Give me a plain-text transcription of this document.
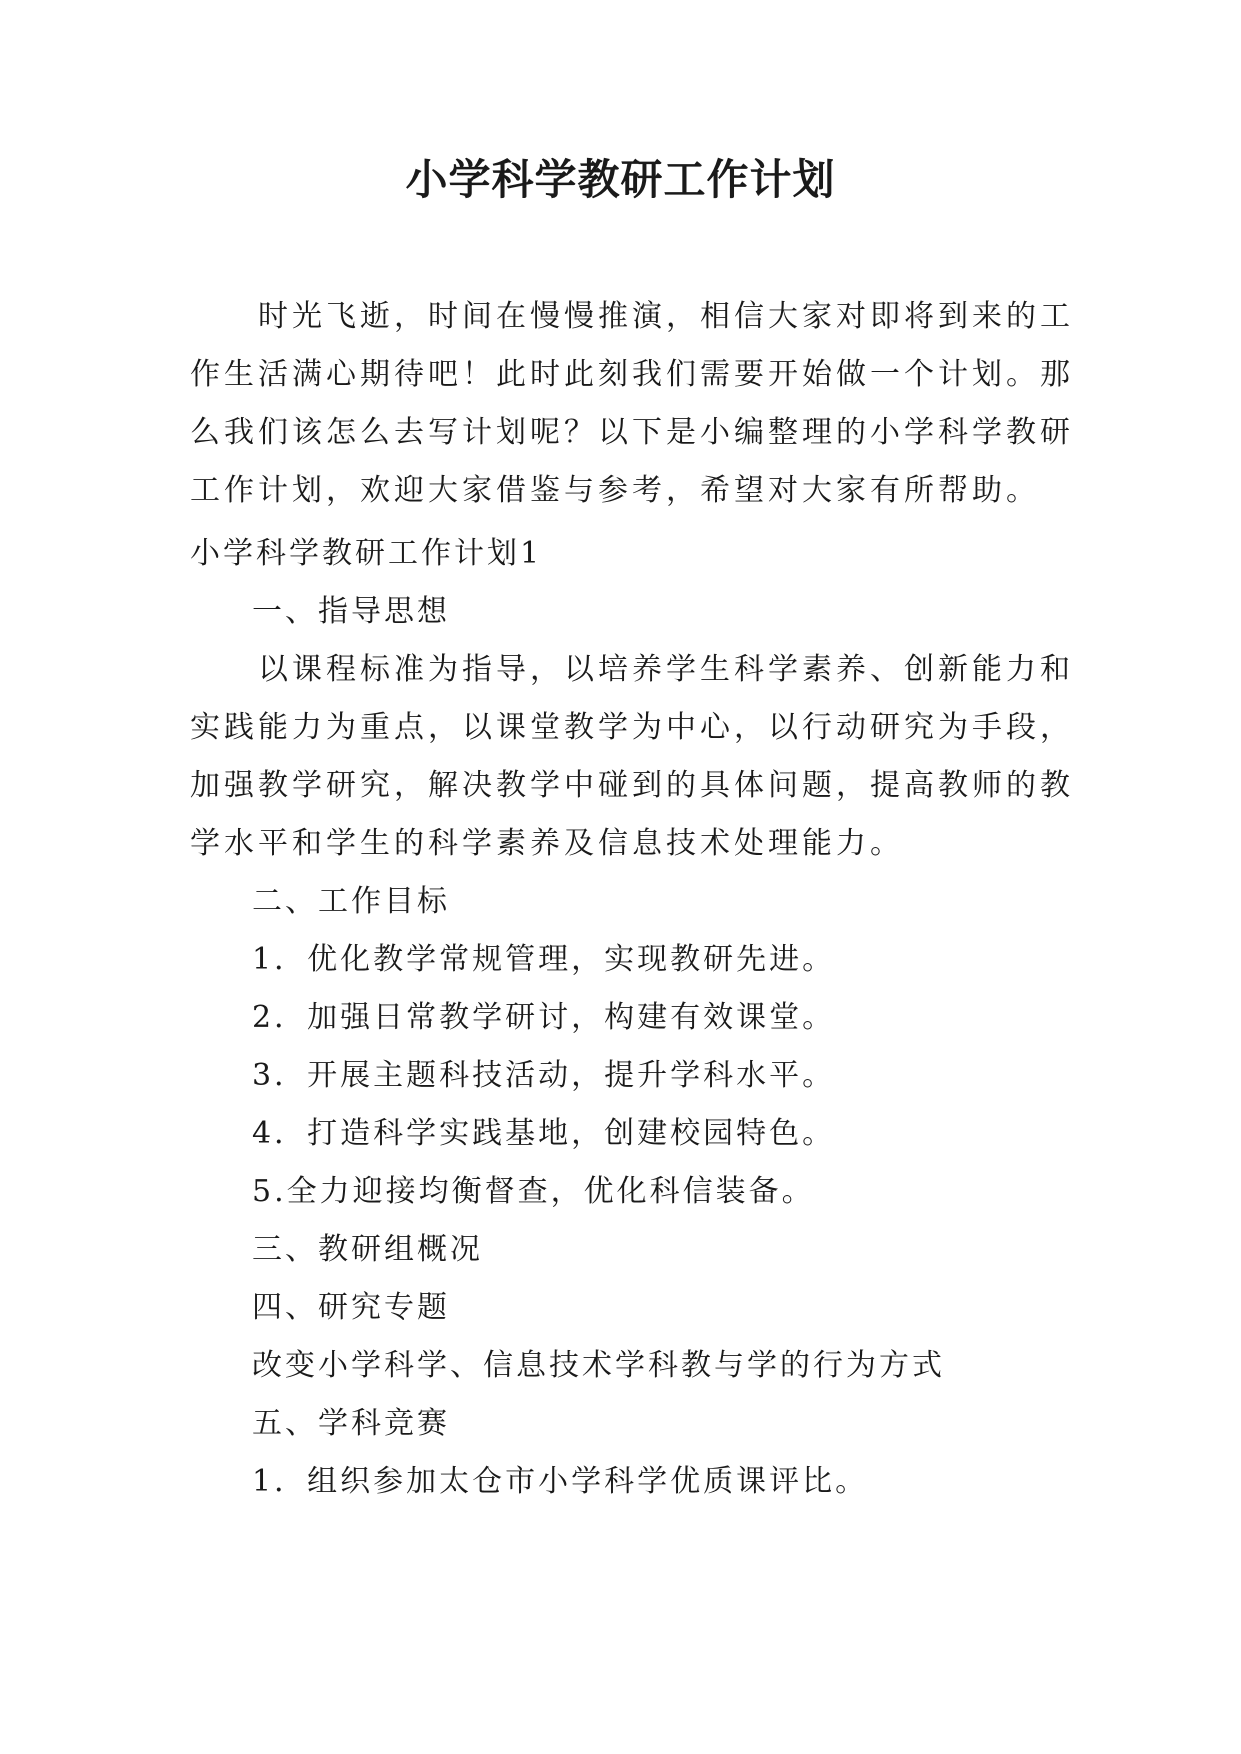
小学科学教研工作计划

时光飞逝，时间在慢慢推演，相信大家对即将到来的工作生活满心期待吧！此时此刻我们需要开始做一个计划。那么我们该怎么去写计划呢？以下是小编整理的小学科学教研工作计划，欢迎大家借鉴与参考，希望对大家有所帮助。

小学科学教研工作计划1
一、指导思想

以课程标准为指导，以培养学生科学素养、创新能力和实践能力为重点，以课堂教学为中心，以行动研究为手段，加强教学研究，解决教学中碰到的具体问题，提高教师的教学水平和学生的科学素养及信息技术处理能力。

二、工作目标
1．优化教学常规管理，实现教研先进。
2．加强日常教学研讨，构建有效课堂。
3．开展主题科技活动，提升学科水平。
4．打造科学实践基地，创建校园特色。
5.全力迎接均衡督查，优化科信装备。
三、教研组概况
四、研究专题
改变小学科学、信息技术学科教与学的行为方式
五、学科竞赛
1．组织参加太仓市小学科学优质课评比。
